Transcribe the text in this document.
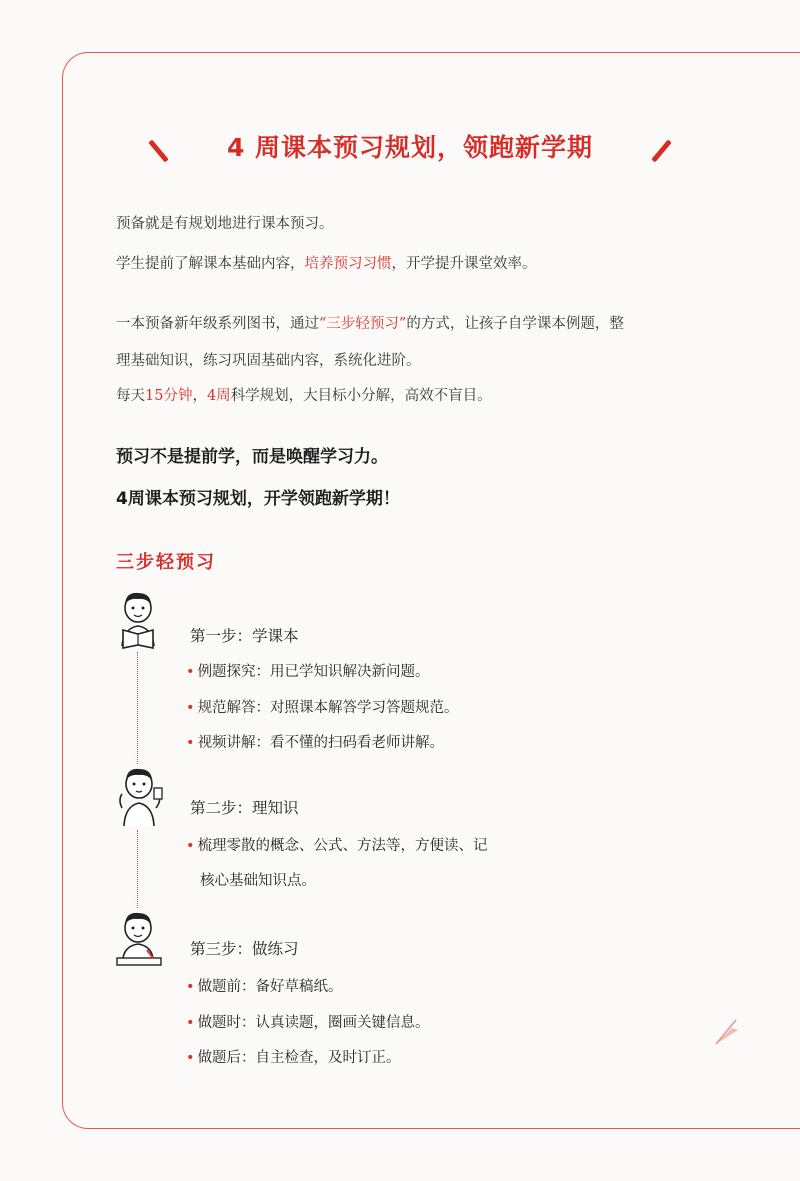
4 周课本预习规划，领跑新学期
预备就是有规划地进行课本预习。
学生提前了解课本基础内容，培养预习习惯，开学提升课堂效率。
一本预备新年级系列图书，通过“三步轻预习”的方式，让孩子自学课本例题，整
理基础知识，练习巩固基础内容，系统化进阶。
每天15分钟，4周科学规划，大目标小分解，高效不盲目。
预习不是提前学，而是唤醒学习力。
4周课本预习规划，开学领跑新学期！
三步轻预习
第一步：学课本
• 例题探究：用已学知识解决新问题。
• 规范解答：对照课本解答学习答题规范。
• 视频讲解：看不懂的扫码看老师讲解。
第二步：理知识
• 梳理零散的概念、公式、方法等，方便读、记
核心基础知识点。
第三步：做练习
• 做题前：备好草稿纸。
• 做题时：认真读题，圈画关键信息。
• 做题后：自主检查，及时订正。
